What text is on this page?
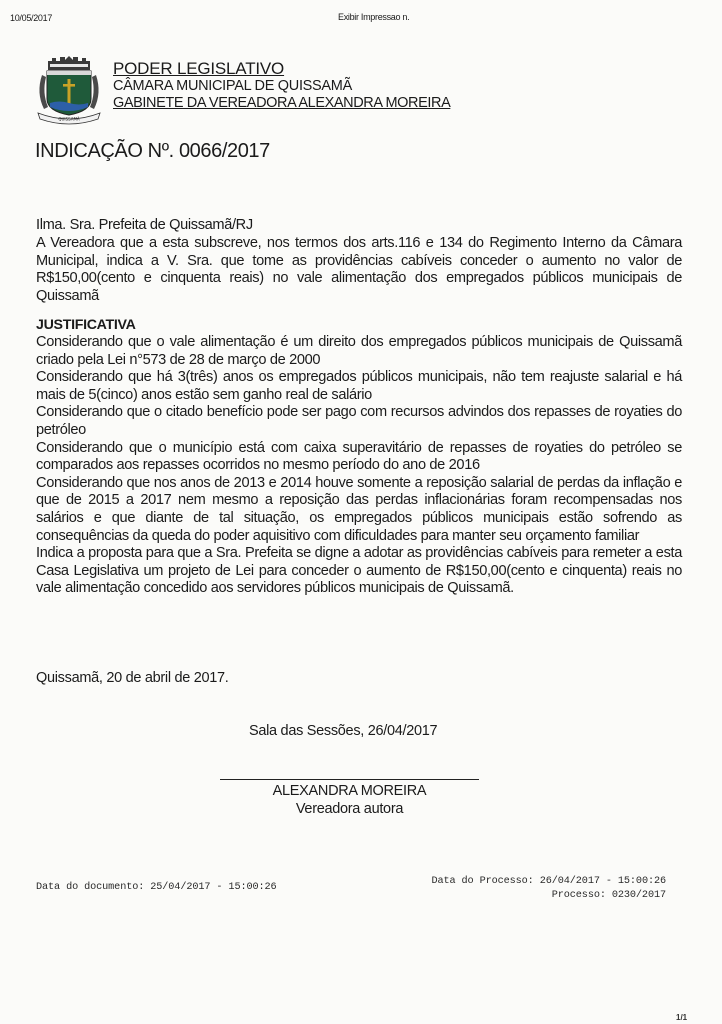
10/05/2017	Exibir Impressao n.
QUISSAMÃ
PODER LEGISLATIVO
CÂMARA MUNICIPAL DE QUISSAMÃ
GABINETE DA VEREADORA ALEXANDRA MOREIRA
INDICAÇÃO Nº. 0066/2017
Ilma. Sra. Prefeita de Quissamã/RJ
A Vereadora que a esta subscreve, nos termos dos arts.116 e 134 do Regimento Interno da Câmara Municipal, indica a V. Sra. que tome as providências cabíveis conceder o aumento no valor de R$150,00(cento e cinquenta reais) no vale alimentação dos empregados públicos municipais de Quissamã
JUSTIFICATIVA

Considerando que o vale alimentação é um direito dos empregados públicos municipais de Quissamã criado pela Lei n°573 de 28 de março de 2000

Considerando que há 3(três) anos os empregados públicos municipais, não tem reajuste salarial e há mais de 5(cinco) anos estão sem ganho real de salário

Considerando que o citado benefício pode ser pago com recursos advindos dos repasses de royaties do petróleo

Considerando que o município está com caixa superavitário de repasses de royaties do petróleo se comparados aos repasses ocorridos no mesmo período do ano de 2016

Considerando que nos anos de 2013 e 2014 houve somente a reposição salarial de perdas da inflação e que de 2015 a 2017 nem mesmo a reposição das perdas inflacionárias foram recompensadas nos salários e que diante de tal situação, os empregados públicos municipais estão sofrendo as consequências da queda do poder aquisitivo com dificuldades para manter seu orçamento familiar

Indica a proposta para que a Sra. Prefeita se digne a adotar as providências cabíveis para remeter a esta Casa Legislativa um projeto de Lei para conceder o aumento de R$150,00(cento e cinquenta) reais no vale alimentação concedido aos servidores públicos municipais de Quissamã.

Quissamã, 20 de abril de 2017.
Sala das Sessões, 26/04/2017
ALEXANDRA MOREIRA
Vereadora autora
Data do documento: 25/04/2017 - 15:00:26
Data do Processo: 26/04/2017 - 15:00:26
Processo: 0230/2017
1/1
